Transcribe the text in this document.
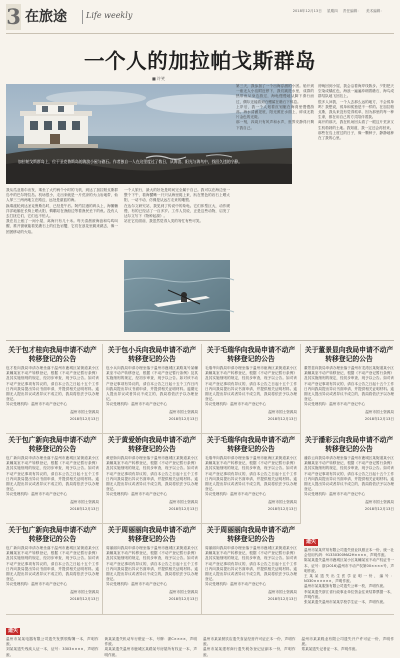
3 在旅途 Life weekly	2018年12月13日 星期四 责任编辑： 美术编辑：
一个人的加拉帕戈斯群岛
■ 许笑
加拉帕戈斯群岛上，位于圣克鲁斯岛的海滨小屋与礁石。作者独自一人在这里度过了数日，从海浪、阳光与海鸟中，找回久违的宁静。

我从瓜亚基尔出发，乘坐了大约两个小时的飞机，到达了加拉帕戈斯群岛中的巴尔特拉岛。机场很小，走出来就是一片荒凉的火山岩地带，仙人掌三三两两地立在路边，远处是湛蓝的海。

换乘渡轮到达圣克鲁斯岛时，已经是午后。阿约拉港的码头上，海狮懒洋洋地躺在长椅上晒太阳，鹈鹕站在渔船边等着渔民丢下的鱼。没有人去打扰它们，它们也不怕人。

我在岛上租了一间小屋，离海只有几十米。每天清晨被海浪和鸟鸣叫醒，推开窗就能看见礁石上的红色岩蟹，它们在浪花里跳来跳去，像一团团移动的火焰。

一个人旅行，最大的好处是时间完全属于自己。我可以在海边坐一整个下午，看海鬣蜥一只只从海里爬上来，趴在黑色的岩石上晒太阳，一动不动，仿佛是从远古走来的雕塑。

在达尔文研究站，我见到了传说中的象龟。它们体型巨大，动作缓慢，有的已经活了一百多岁。工作人员说，正是这些动物，启发了达尔文写下《物种起源》。

站在它们面前，我忽然觉得人类的匆忙有些可笑。

第三天，我参加了一个出海浮潜的小团。船开到一座无人小岛附近停下，我们跳进水里，成群的热带鱼从身边游过，海龟慢慢地从脚下滑行而过，偶尔还能看到白鳍鲨在礁石下休息。

上岸后，我一个人划着皮划艇在海湾里慢慢游荡。海水清澈见底，阳光照在水面上，碎成无数片金色的光斑。

那一刻，四周只有风声和水声，世界安静得只剩下我自己。

傍晚回到小屋，我会沿着海岸线散步。夕阳把天空染成橘红色，海浪一遍遍冲刷着礁石，海鸟成群结队地飞回岛上。

很多人问我，一个人去那么远的地方，不会孤单吗？我想说，孤单和孤独是不一样的。在加拉帕戈斯，我从来没有觉得孤单，因为那里的每一种生命，都在用自己的方式陪伴着我。

离开的那天，我在机场回头看了一眼这片荒凉又生机勃勃的土地。我知道，我一定还会再回来。

那些在岛上度过的日子，像一颗种子，静静地种在了我的心里。

关于包才桂向我局申请不动产转移登记的公告
包才桂向我局申请办理坐落于温州市鹿城区某街道某小区某幢某室不动产转移登记，根据《不动产登记暂行条例》及其实施细则的规定，经初步审查，现予以公告。如对该不动产登记事项有异议的，请自本公告之日起十五个工作日内向我局提出异议书面申请，并提供相关证明材料。逾期无人提出异议或者异议不成立的，我局将依法予以办理登记。
异议受理机构：温州市不动产登记中心
温州市国土资源局
2018年12月13日
关于包小兵向我局申请不动产转移登记的公告
包小兵向我局申请办理坐落于温州市鹿城区某路某号某幢某室不动产转移登记，根据《不动产登记暂行条例》及其实施细则的规定，经初步审查，现予以公告。如对该不动产登记事项有异议的，请自本公告之日起十五个工作日内向我局提出异议书面申请，并提供相关证明材料。逾期无人提出异议或者异议不成立的，我局将依法予以办理登记。
异议受理机构：温州市不动产登记中心
温州市国土资源局
2018年12月13日
关于毛瑞华向我局申请不动产转移登记的公告
毛瑞华向我局申请办理坐落于温州市瓯海区某街道某小区某幢某室不动产转移登记，根据《不动产登记暂行条例》及其实施细则的规定，经初步审查，现予以公告。如对该不动产登记事项有异议的，请自本公告之日起十五个工作日内向我局提出异议书面申请，并提供相关证明材料。逾期无人提出异议或者异议不成立的，我局将依法予以办理登记。
异议受理机构：温州市不动产登记中心
温州市国土资源局
2018年12月13日
关于董景显向我局申请不动产转移登记的公告
董景显向我局申请办理坐落于温州市龙湾区某街道某小区某幢某室不动产转移登记，根据《不动产登记暂行条例》及其实施细则的规定，经初步审查，现予以公告。如对该不动产登记事项有异议的，请自本公告之日起十五个工作日内向我局提出异议书面申请，并提供相关证明材料。逾期无人提出异议或者异议不成立的，我局将依法予以办理登记。
异议受理机构：温州市不动产登记中心
温州市国土资源局
2018年12月13日
关于包广新向我局申请不动产转移登记的公告
包广新向我局申请办理坐落于温州市鹿城区某街道某小区某幢某室不动产转移登记，根据《不动产登记暂行条例》及其实施细则的规定，经初步审查，现予以公告。如对该不动产登记事项有异议的，请自本公告之日起十五个工作日内向我局提出异议书面申请，并提供相关证明材料。逾期无人提出异议或者异议不成立的，我局将依法予以办理登记。
异议受理机构：温州市不动产登记中心
温州市国土资源局
2018年12月13日
关于黄爱娇向我局申请不动产转移登记的公告
黄爱娇向我局申请办理坐落于温州市鹿城区某街道某小区某幢某室不动产转移登记，根据《不动产登记暂行条例》及其实施细则的规定，经初步审查，现予以公告。如对该不动产登记事项有异议的，请自本公告之日起十五个工作日内向我局提出异议书面申请，并提供相关证明材料。逾期无人提出异议或者异议不成立的，我局将依法予以办理登记。
异议受理机构：温州市不动产登记中心
温州市国土资源局
2018年12月13日
关于毛瑞华向我局申请不动产转移登记的公告
毛瑞华向我局申请办理坐落于温州市瓯海区某街道某小区某幢某室不动产转移登记，根据《不动产登记暂行条例》及其实施细则的规定，经初步审查，现予以公告。如对该不动产登记事项有异议的，请自本公告之日起十五个工作日内向我局提出异议书面申请，并提供相关证明材料。逾期无人提出异议或者异议不成立的，我局将依法予以办理登记。
异议受理机构：温州市不动产登记中心
温州市国土资源局
2018年12月13日
关于潘彩云向我局申请不动产转移登记的公告
潘彩云向我局申请办理坐落于温州市鹿城区某街道某小区某幢某室不动产转移登记，根据《不动产登记暂行条例》及其实施细则的规定，经初步审查，现予以公告。如对该不动产登记事项有异议的，请自本公告之日起十五个工作日内向我局提出异议书面申请，并提供相关证明材料。逾期无人提出异议或者异议不成立的，我局将依法予以办理登记。
异议受理机构：温州市不动产登记中心
温州市国土资源局
2018年12月13日
关于包广新向我局申请不动产转移登记的公告
包广新向我局申请办理坐落于温州市鹿城区某街道某小区某幢某室不动产转移登记，根据《不动产登记暂行条例》及其实施细则的规定，经初步审查，现予以公告。如对该不动产登记事项有异议的，请自本公告之日起十五个工作日内向我局提出异议书面申请，并提供相关证明材料。逾期无人提出异议或者异议不成立的，我局将依法予以办理登记。
异议受理机构：温州市不动产登记中心
温州市国土资源局
2018年12月13日
关于周丽丽向我局申请不动产转移登记的公告
周丽丽向我局申请办理坐落于温州市鹿城区某街道某小区某幢某室不动产转移登记，根据《不动产登记暂行条例》及其实施细则的规定，经初步审查，现予以公告。如对该不动产登记事项有异议的，请自本公告之日起十五个工作日内向我局提出异议书面申请，并提供相关证明材料。逾期无人提出异议或者异议不成立的，我局将依法予以办理登记。
异议受理机构：温州市不动产登记中心
温州市国土资源局
2018年12月13日
关于周丽丽向我局申请不动产转移登记的公告
周丽丽向我局申请办理坐落于温州市鹿城区某街道某小区某幢某室不动产转移登记，根据《不动产登记暂行条例》及其实施细则的规定，经初步审查，现予以公告。如对该不动产登记事项有异议的，请自本公告之日起十五个工作日内向我局提出异议书面申请，并提供相关证明材料。逾期无人提出异议或者异议不成立的，我局将依法予以办理登记。
异议受理机构：温州市不动产登记中心
温州市国土资源局
2018年12月13日
遗失
温州市某某贸易有限公司遗失营业执照正本一份，统一社会信用代码：91330300MA2H××××，声明作废。
陈某某遗失温州市鹿城区某小区某幢某室不动产权证书一本，证号：浙(2016)温州市不动产权第00××××号，声明作废。
王某某遗失出生医学证明一份，编号：N330××××××，声明作废。
温州市某某服饰有限公司遗失公章一枚，声明作废。
李某某遗失浙江省行政事业单位资金往来结算票据一本，声明作废。
张某某遗失温州市某某学校学生证一本，声明作废。
遗失
温州市某某电器有限公司遗失发票领购簿一本，声明作废。
黄某某遗失机动车行驶证一本，号牌：浙C××××，声明作废。
温州市某某餐饮店遗失食品经营许可证正本一份，声明作废。
温州市某某鞋业有限公司遗失开户许可证一份，声明作废。
刘某某遗失残疾人证一本，证号：3303××××，声明作废。
周某某遗失温州市鹿城区某路某号房屋所有权证一本，声明作废。
温州市某某建材商行遗失税务登记证副本一份，声明作废。
郑某某遗失记者证一本，声明作废。
